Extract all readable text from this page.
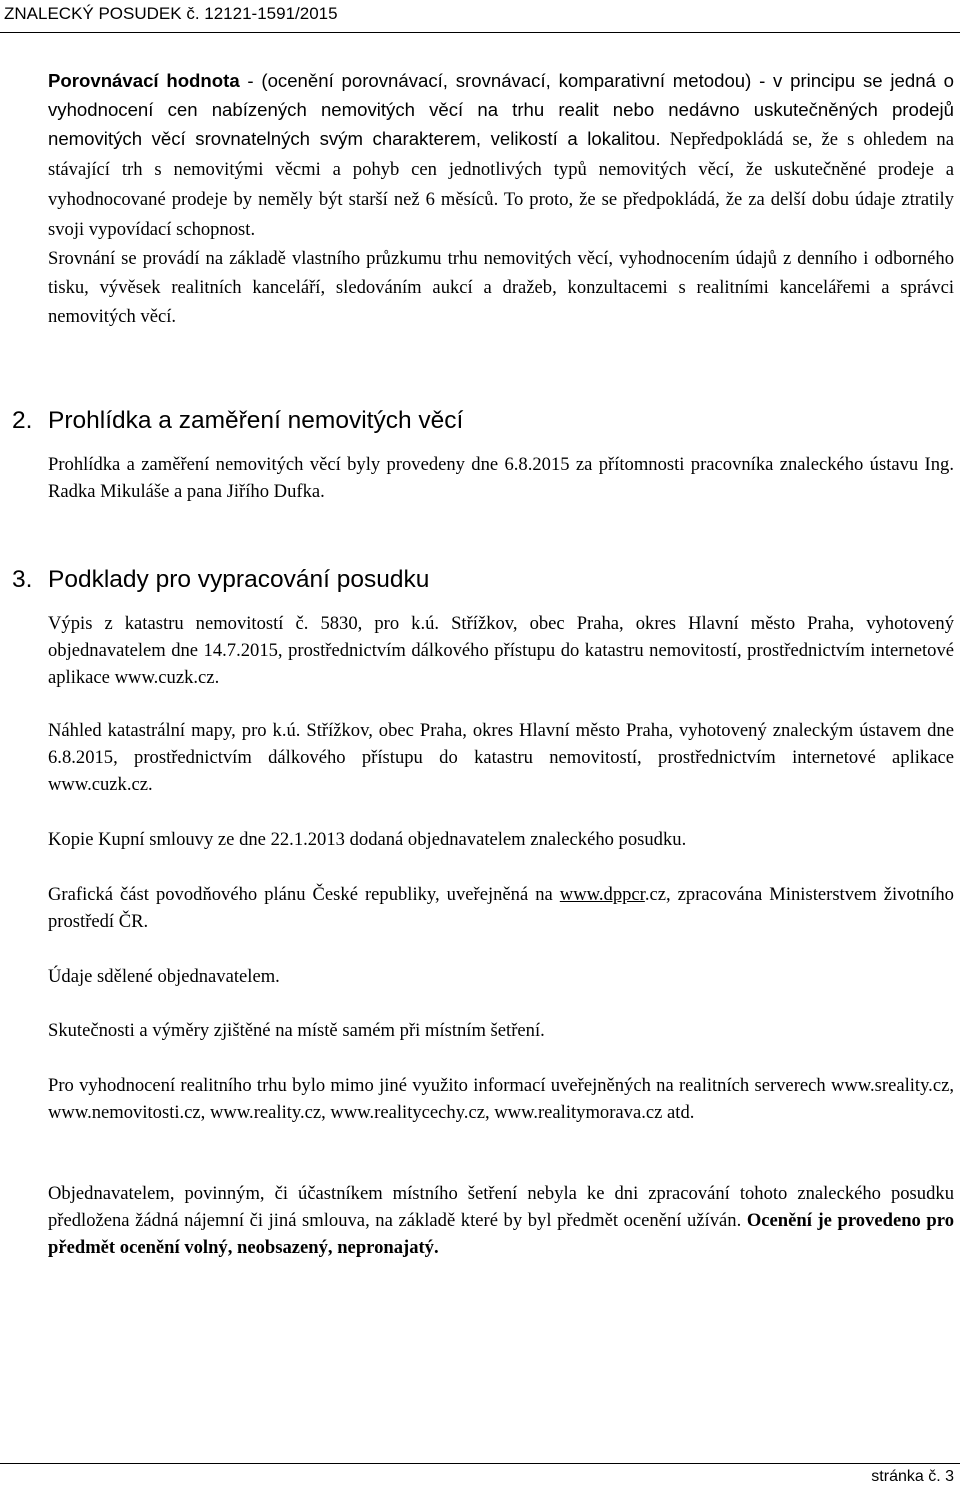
ZNALECKÝ POSUDEK č. 12121-1591/2015
Porovnávací hodnota - (ocenění porovnávací, srovnávací, komparativní metodou) - v principu se jedná o vyhodnocení cen nabízených nemovitých věcí na trhu realit nebo nedávno uskutečněných prodejů nemovitých věcí srovnatelných svým charakterem, velikostí a lokalitou. Nepředpokládá se, že s ohledem na stávající trh s nemovitými věcmi a pohyb cen jednotlivých typů nemovitých věcí, že uskutečněné prodeje a vyhodnocované prodeje by neměly být starší než 6 měsíců. To proto, že se předpokládá, že za delší dobu údaje ztratily svoji vypovídací schopnost.
Srovnání se provádí na základě vlastního průzkumu trhu nemovitých věcí, vyhodnocením údajů z denního i odborného tisku, vývěsek realitních kanceláří, sledováním aukcí a dražeb, konzultacemi s realitními kancelářemi a správci nemovitých věcí.
2. Prohlídka a zaměření nemovitých věcí
Prohlídka a zaměření nemovitých věcí byly provedeny dne 6.8.2015 za přítomnosti pracovníka znaleckého ústavu Ing. Radka Mikuláše a pana Jiřího Dufka.
3. Podklady pro vypracování posudku
Výpis z katastru nemovitostí č. 5830, pro k.ú. Střížkov, obec Praha, okres Hlavní město Praha, vyhotovený objednavatelem dne 14.7.2015, prostřednictvím dálkového přístupu do katastru nemovitostí, prostřednictvím internetové aplikace www.cuzk.cz.
Náhled katastrální mapy, pro k.ú. Střížkov, obec Praha, okres Hlavní město Praha, vyhotovený znaleckým ústavem dne 6.8.2015, prostřednictvím dálkového přístupu do katastru nemovitostí, prostřednictvím internetové aplikace www.cuzk.cz.
Kopie Kupní smlouvy ze dne 22.1.2013 dodaná objednavatelem znaleckého posudku.
Grafická část povodňového plánu České republiky, uveřejněná na www.dppcr.cz, zpracována Ministerstvem životního prostředí ČR.
Údaje sdělené objednavatelem.
Skutečnosti a výměry zjištěné na místě samém při místním šetření.
Pro vyhodnocení realitního trhu bylo mimo jiné využito informací uveřejněných na realitních serverech www.sreality.cz, www.nemovitosti.cz, www.reality.cz, www.realitycechy.cz, www.realitymorava.cz atd.
Objednavatelem, povinným, či účastníkem místního šetření nebyla ke dni zpracování tohoto znaleckého posudku předložena žádná nájemní či jiná smlouva, na základě které by byl předmět ocenění užíván. Ocenění je provedeno pro předmět ocenění volný, neobsazený, nepronajatý.
stránka č. 3
